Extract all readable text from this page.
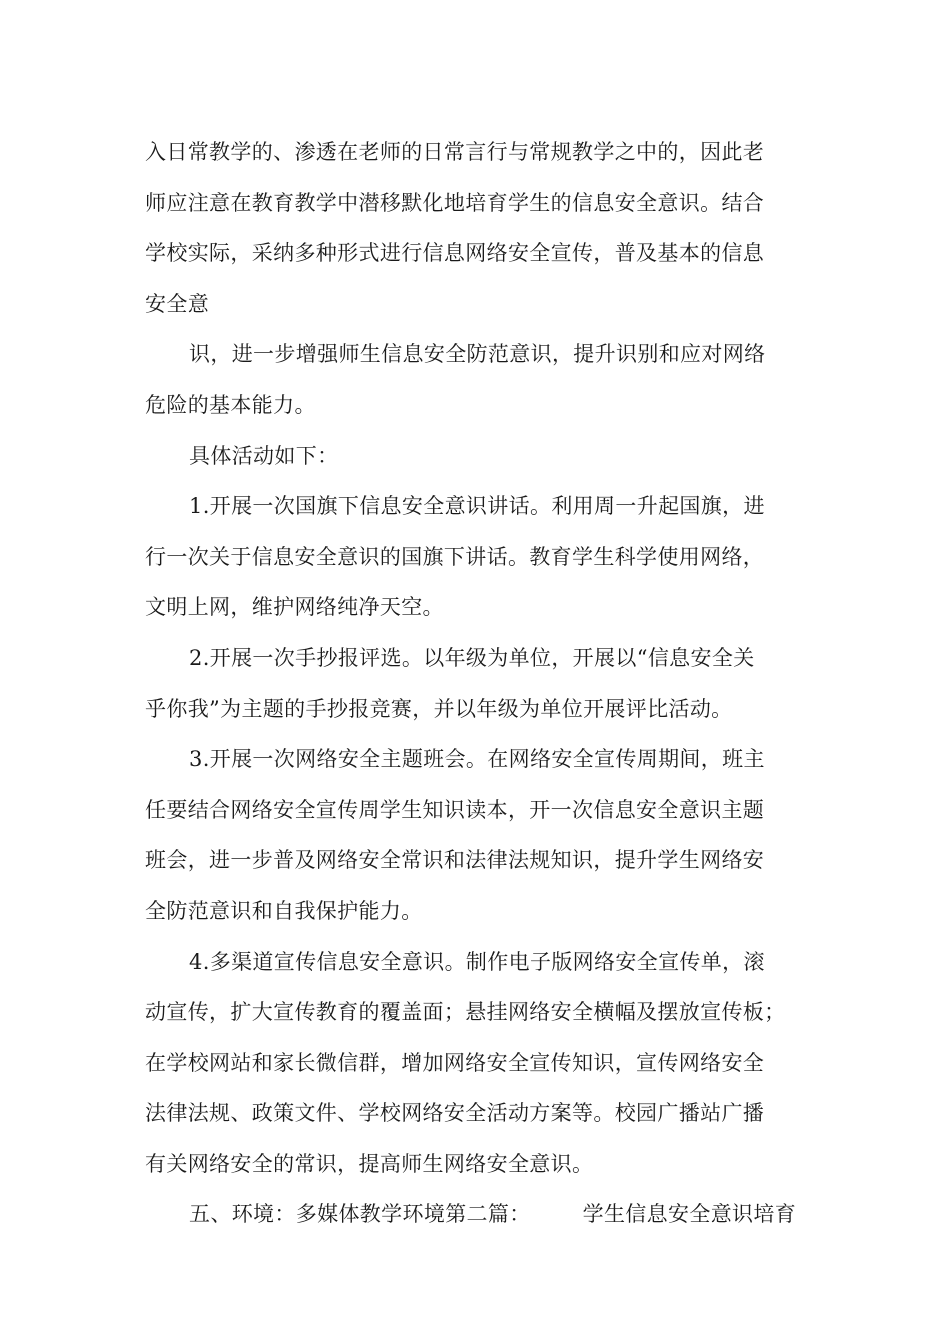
入日常教学的、渗透在老师的日常言行与常规教学之中的，因此老
师应注意在教育教学中潜移默化地培育学生的信息安全意识。结合
学校实际，采纳多种形式进行信息网络安全宣传，普及基本的信息
安全意

识，进一步增强师生信息安全防范意识，提升识别和应对网络
危险的基本能力。

具体活动如下：

1.开展一次国旗下信息安全意识讲话。利用周一升起国旗，进
行一次关于信息安全意识的国旗下讲话。教育学生科学使用网络，
文明上网，维护网络纯净天空。

2.开展一次手抄报评选。以年级为单位，开展以“信息安全关
乎你我”为主题的手抄报竞赛，并以年级为单位开展评比活动。

3.开展一次网络安全主题班会。在网络安全宣传周期间，班主
任要结合网络安全宣传周学生知识读本，开一次信息安全意识主题
班会，进一步普及网络安全常识和法律法规知识，提升学生网络安
全防范意识和自我保护能力。

4.多渠道宣传信息安全意识。制作电子版网络安全宣传单，滚
动宣传，扩大宣传教育的覆盖面；悬挂网络安全横幅及摆放宣传板；
在学校网站和家长微信群，增加网络安全宣传知识，宣传网络安全
法律法规、政策文件、学校网络安全活动方案等。校园广播站广播
有关网络安全的常识，提高师生网络安全意识。

五、环境：多媒体教学环境第二篇： 学生信息安全意识培育
